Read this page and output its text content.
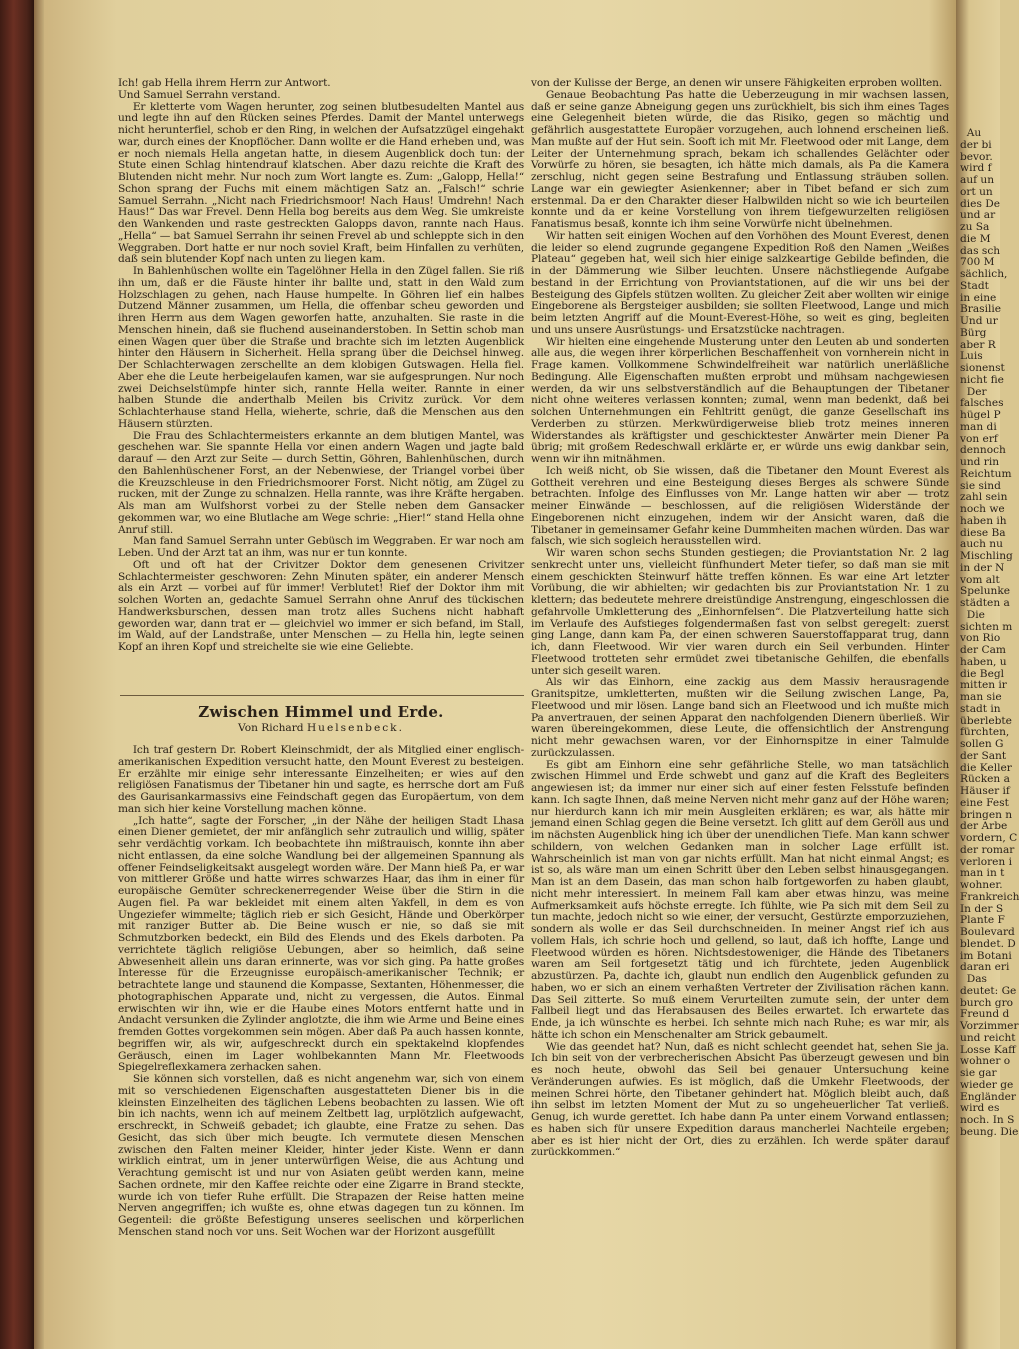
Ich! gab Hella ihrem Herrn zur Antwort.

Und Samuel Serrahn verstand.

Er kletterte vom Wagen herunter, zog seinen blutbesudelten Mantel aus und legte ihn auf den Rücken seines Pferdes. Damit der Mantel unterwegs nicht herunterfiel, schob er den Ring, in welchen der Aufsatzzügel eingehakt war, durch eines der Knopflöcher. Dann wollte er die Hand erheben und, was er noch niemals Hella angetan hatte, in diesem Augenblick doch tun: der Stute einen Schlag hintendrauf klatschen. Aber dazu reichte die Kraft des Blutenden nicht mehr. Nur noch zum Wort langte es. Zum: „Galopp, Hella!“ Schon sprang der Fuchs mit einem mächtigen Satz an. „Falsch!“ schrie Samuel Serrahn. „Nicht nach Friedrichsmoor! Nach Haus! Umdrehn! Nach Haus!“ Das war Frevel. Denn Hella bog bereits aus dem Weg. Sie umkreiste den Wankenden und raste gestreckten Galopps davon, rannte nach Haus. „Hella“ — bat Samuel Serrahn ihr seinen Frevel ab und schleppte sich in den Weggraben. Dort hatte er nur noch soviel Kraft, beim Hinfallen zu verhüten, daß sein blutender Kopf nach unten zu liegen kam.

In Bahlenhüschen wollte ein Tagelöhner Hella in den Zügel fallen. Sie riß ihn um, daß er die Fäuste hinter ihr ballte und, statt in den Wald zum Holzschlagen zu gehen, nach Hause humpelte. In Göhren lief ein halbes Dutzend Männer zusammen, um Hella, die offenbar scheu geworden und ihren Herrn aus dem Wagen geworfen hatte, anzuhalten. Sie raste in die Menschen hinein, daß sie fluchend auseinanderstoben. In Settin schob man einen Wagen quer über die Straße und brachte sich im letzten Augenblick hinter den Häusern in Sicherheit. Hella sprang über die Deichsel hinweg. Der Schlachterwagen zerschellte an dem klobigen Gutswagen. Hella fiel. Aber ehe die Leute herbeigelaufen kamen, war sie aufgesprungen. Nur noch zwei Deichselstümpfe hinter sich, rannte Hella weiter. Rannte in einer halben Stunde die anderthalb Meilen bis Crivitz zurück. Vor dem Schlachterhause stand Hella, wieherte, schrie, daß die Menschen aus den Häusern stürzten.

Die Frau des Schlachtermeisters erkannte an dem blutigen Mantel, was geschehen war. Sie spannte Hella vor einen andern Wagen und jagte bald darauf — den Arzt zur Seite — durch Settin, Göhren, Bahlenhüschen, durch den Bahlenhüschener Forst, an der Nebenwiese, der Triangel vorbei über die Kreuzschleuse in den Friedrichsmoorer Forst. Nicht nötig, am Zügel zu rucken, mit der Zunge zu schnalzen. Hella rannte, was ihre Kräfte hergaben. Als man am Wulfshorst vorbei zu der Stelle neben dem Gansacker gekommen war, wo eine Blutlache am Wege schrie: „Hier!“ stand Hella ohne Anruf still.

Man fand Samuel Serrahn unter Gebüsch im Weggraben. Er war noch am Leben. Und der Arzt tat an ihm, was nur er tun konnte.

Oft und oft hat der Crivitzer Doktor dem genesenen Crivitzer Schlachtermeister geschworen: Zehn Minuten später, ein anderer Mensch als ein Arzt — vorbei auf für immer! Verblutet! Rief der Doktor ihm mit solchen Worten an, gedachte Samuel Serrahn ohne Anruf des tückischen Handwerksburschen, dessen man trotz alles Suchens nicht habhaft geworden war, dann trat er — gleichviel wo immer er sich befand, im Stall, im Wald, auf der Landstraße, unter Menschen — zu Hella hin, legte seinen Kopf an ihren Kopf und streichelte sie wie eine Geliebte.

Zwischen Himmel und Erde.
Von Richard Huelsenbeck.

Ich traf gestern Dr. Robert Kleinschmidt, der als Mitglied einer englisch-amerikanischen Expedition versucht hatte, den Mount Everest zu besteigen. Er erzählte mir einige sehr interessante Einzelheiten; er wies auf den religiösen Fanatismus der Tibetaner hin und sagte, es herrsche dort am Fuß des Gaurisankarmassivs eine Feindschaft gegen das Europäertum, von dem man sich hier keine Vorstellung machen könne.

„Ich hatte“, sagte der Forscher, „in der Nähe der heiligen Stadt Lhasa einen Diener gemietet, der mir anfänglich sehr zutraulich und willig, später sehr verdächtig vorkam. Ich beobachtete ihn mißtrauisch, konnte ihn aber nicht entlassen, da eine solche Wandlung bei der allgemeinen Spannung als offener Feindseligkeitsakt ausgelegt worden wäre. Der Mann hieß Pa, er war von mittlerer Größe und hatte wirres schwarzes Haar, das ihm in einer für europäische Gemüter schreckenerregender Weise über die Stirn in die Augen fiel. Pa war bekleidet mit einem alten Yakfell, in dem es von Ungeziefer wimmelte; täglich rieb er sich Gesicht, Hände und Oberkörper mit ranziger Butter ab. Die Beine wusch er nie, so daß sie mit Schmutzborken bedeckt, ein Bild des Elends und des Ekels darboten. Pa verrichtete täglich religiöse Uebungen, aber so heimlich, daß seine Abwesenheit allein uns daran erinnerte, was vor sich ging. Pa hatte großes Interesse für die Erzeugnisse europäisch-amerikanischer Technik; er betrachtete lange und staunend die Kompasse, Sextanten, Höhenmesser, die photographischen Apparate und, nicht zu vergessen, die Autos. Einmal erwischten wir ihn, wie er die Haube eines Motors entfernt hatte und in Andacht versunken die Zylinder anglotzte, die ihm wie Arme und Beine eines fremden Gottes vorgekommen sein mögen. Aber daß Pa auch hassen konnte, begriffen wir, als wir, aufgeschreckt durch ein spektakelnd klopfendes Geräusch, einen im Lager wohlbekannten Mann Mr. Fleetwoods Spiegelreflexkamera zerhacken sahen.

Sie können sich vorstellen, daß es nicht angenehm war, sich von einem mit so verschiedenen Eigenschaften ausgestatteten Diener bis in die kleinsten Einzelheiten des täglichen Lebens beobachten zu lassen. Wie oft bin ich nachts, wenn ich auf meinem Zeltbett lag, urplötzlich aufgewacht, erschreckt, in Schweiß gebadet; ich glaubte, eine Fratze zu sehen. Das Gesicht, das sich über mich beugte. Ich vermutete diesen Menschen zwischen den Falten meiner Kleider, hinter jeder Kiste. Wenn er dann wirklich eintrat, um in jener unterwürfigen Weise, die aus Achtung und Verachtung gemischt ist und nur von Asiaten geübt werden kann, meine Sachen ordnete, mir den Kaffee reichte oder eine Zigarre in Brand steckte, wurde ich von tiefer Ruhe erfüllt. Die Strapazen der Reise hatten meine Nerven angegriffen; ich wußte es, ohne etwas dagegen tun zu können. Im Gegenteil: die größte Befestigung unseres seelischen und körperlichen Menschen stand noch vor uns. Seit Wochen war der Horizont ausgefüllt

von der Kulisse der Berge, an denen wir unsere Fähigkeiten erproben wollten.

Genaue Beobachtung Pas hatte die Ueberzeugung in mir wachsen lassen, daß er seine ganze Abneigung gegen uns zurückhielt, bis sich ihm eines Tages eine Gelegenheit bieten würde, die das Risiko, gegen so mächtig und gefährlich ausgestattete Europäer vorzugehen, auch lohnend erscheinen ließ. Man mußte auf der Hut sein. Sooft ich mit Mr. Fleetwood oder mit Lange, dem Leiter der Unternehmung sprach, bekam ich schallendes Gelächter oder Vorwürfe zu hören, sie besagten, ich hätte mich damals, als Pa die Kamera zerschlug, nicht gegen seine Bestrafung und Entlassung sträuben sollen. Lange war ein gewiegter Asienkenner; aber in Tibet befand er sich zum erstenmal. Da er den Charakter dieser Halbwilden nicht so wie ich beurteilen konnte und da er keine Vorstellung von ihrem tiefgewurzelten religiösen Fanatismus besaß, konnte ich ihm seine Vorwürfe nicht übelnehmen.

Wir hatten seit einigen Wochen auf den Vorhöhen des Mount Everest, denen die leider so elend zugrunde gegangene Expedition Roß den Namen „Weißes Plateau“ gegeben hat, weil sich hier einige salzkeartige Gebilde befinden, die in der Dämmerung wie Silber leuchten. Unsere nächstliegende Aufgabe bestand in der Errichtung von Proviantstationen, auf die wir uns bei der Besteigung des Gipfels stützen wollten. Zu gleicher Zeit aber wollten wir einige Eingeborene als Bergsteiger ausbilden; sie sollten Fleetwood, Lange und mich beim letzten Angriff auf die Mount-Everest-Höhe, so weit es ging, begleiten und uns unsere Ausrüstungs- und Ersatzstücke nachtragen.

Wir hielten eine eingehende Musterung unter den Leuten ab und sonderten alle aus, die wegen ihrer körperlichen Beschaffenheit von vornherein nicht in Frage kamen. Vollkommene Schwindelfreiheit war natürlich unerläßliche Bedingung. Alle Eigenschaften mußten erprobt und mühsam nachgewiesen werden, da wir uns selbstverständlich auf die Behauptungen der Tibetaner nicht ohne weiteres verlassen konnten; zumal, wenn man bedenkt, daß bei solchen Unternehmungen ein Fehltritt genügt, die ganze Gesellschaft ins Verderben zu stürzen. Merkwürdigerweise blieb trotz meines inneren Widerstandes als kräftigster und geschicktester Anwärter mein Diener Pa übrig; mit großem Redeschwall erklärte er, er würde uns ewig dankbar sein, wenn wir ihn mitnähmen.

Ich weiß nicht, ob Sie wissen, daß die Tibetaner den Mount Everest als Gottheit verehren und eine Besteigung dieses Berges als schwere Sünde betrachten. Infolge des Einflusses von Mr. Lange hatten wir aber — trotz meiner Einwände — beschlossen, auf die religiösen Widerstände der Eingeborenen nicht einzugehen, indem wir der Ansicht waren, daß die Tibetaner in gemeinsamer Gefahr keine Dummheiten machen würden. Das war falsch, wie sich sogleich herausstellen wird.

Wir waren schon sechs Stunden gestiegen; die Proviantstation Nr. 2 lag senkrecht unter uns, vielleicht fünfhundert Meter tiefer, so daß man sie mit einem geschickten Steinwurf hätte treffen können. Es war eine Art letzter Vorübung, die wir abhielten; wir gedachten bis zur Proviantstation Nr. 1 zu klettern; das bedeutete mehrere dreistündige Anstrengung, eingeschlossen die gefahrvolle Umkletterung des „Einhornfelsen“. Die Platzverteilung hatte sich im Verlaufe des Aufstieges folgendermaßen fast von selbst geregelt: zuerst ging Lange, dann kam Pa, der einen schweren Sauerstoffapparat trug, dann ich, dann Fleetwood. Wir vier waren durch ein Seil verbunden. Hinter Fleetwood trotteten sehr ermüdet zwei tibetanische Gehilfen, die ebenfalls unter sich geseilt waren.

Als wir das Einhorn, eine zackig aus dem Massiv herausragende Granitspitze, umkletterten, mußten wir die Seilung zwischen Lange, Pa, Fleetwood und mir lösen. Lange band sich an Fleetwood und ich mußte mich Pa anvertrauen, der seinen Apparat den nachfolgenden Dienern überließ. Wir waren übereingekommen, diese Leute, die offensichtlich der Anstrengung nicht mehr gewachsen waren, vor der Einhornspitze in einer Talmulde zurückzulassen.

Es gibt am Einhorn eine sehr gefährliche Stelle, wo man tatsächlich zwischen Himmel und Erde schwebt und ganz auf die Kraft des Begleiters angewiesen ist; da immer nur einer sich auf einer festen Felsstufe befinden kann. Ich sagte Ihnen, daß meine Nerven nicht mehr ganz auf der Höhe waren; nur hierdurch kann ich mir mein Ausgleiten erklären; es war, als hätte mir jemand einen Schlag gegen die Beine versetzt. Ich glitt auf dem Geröll aus und im nächsten Augenblick hing ich über der unendlichen Tiefe. Man kann schwer schildern, von welchen Gedanken man in solcher Lage erfüllt ist. Wahrscheinlich ist man von gar nichts erfüllt. Man hat nicht einmal Angst; es ist so, als wäre man um einen Schritt über den Leben selbst hinausgegangen. Man ist an dem Dasein, das man schon halb fortgeworfen zu haben glaubt, nicht mehr interessiert. In meinem Fall kam aber etwas hinzu, was meine Aufmerksamkeit aufs höchste erregte. Ich fühlte, wie Pa sich mit dem Seil zu tun machte, jedoch nicht so wie einer, der versucht, Gestürzte emporzuziehen, sondern als wolle er das Seil durchschneiden. In meiner Angst rief ich aus vollem Hals, ich schrie hoch und gellend, so laut, daß ich hoffte, Lange und Fleetwood würden es hören. Nichtsdestoweniger, die Hände des Tibetaners waren am Seil fortgesetzt tätig und ich fürchtete, jeden Augenblick abzustürzen. Pa, dachte ich, glaubt nun endlich den Augenblick gefunden zu haben, wo er sich an einem verhaßten Vertreter der Zivilisation rächen kann. Das Seil zitterte. So muß einem Verurteilten zumute sein, der unter dem Fallbeil liegt und das Herabsausen des Beiles erwartet. Ich erwartete das Ende, ja ich wünschte es herbei. Ich sehnte mich nach Ruhe; es war mir, als hätte ich schon ein Menschenalter am Strick gebaumelt.

Wie das geendet hat? Nun, daß es nicht schlecht geendet hat, sehen Sie ja. Ich bin seit von der verbrecherischen Absicht Pas überzeugt gewesen und bin es noch heute, obwohl das Seil bei genauer Untersuchung keine Veränderungen aufwies. Es ist möglich, daß die Umkehr Fleetwoods, der meinen Schrei hörte, den Tibetaner gehindert hat. Möglich bleibt auch, daß ihn selbst im letzten Moment der Mut zu so ungeheuerlicher Tat verließ. Genug, ich wurde gerettet. Ich habe dann Pa unter einem Vorwand entlassen; es haben sich für unsere Expedition daraus mancherlei Nachteile ergeben; aber es ist hier nicht der Ort, dies zu erzählen. Ich werde später darauf zurückkommen.“

Au
der bi
bevor.
wird f
auf un
ort un
dies De
und ar
zu Sa
die M
das sch
700 M
sächlich,
Stadt
in eine
Brasilie
Und ur
Bürg
aber R
Luis
sionenst
nicht fie
Der
falsches
hügel P
man di
von erf
dennoch
und rin
Reichtum
sie sind
zahl sein
noch we
haben ih
diese Ba
auch nu
Mischling
in der N
vom alt
Spelunke
städten a
Die
sichten m
von Rio
der Cam
haben, u
die Begl
mitten ir
man sie
stadt in
überlebte
fürchten,
sollen G
der Sant
die Keller
Rücken a
Häuser if
eine Fest
bringen n
der Arbe
vordern, C
der romar
verloren i
man in t
wohner.
Frankreich
In der S
Plante F
Boulevard
blendet. D
im Botani
daran eri
Das
deutet: Ge
burch gro
Freund d
Vorzimmer
und reicht
Losse Kaff
wohner o
sie gar
wieder ge
Engländer
wird es
noch. In S
beung. Die
